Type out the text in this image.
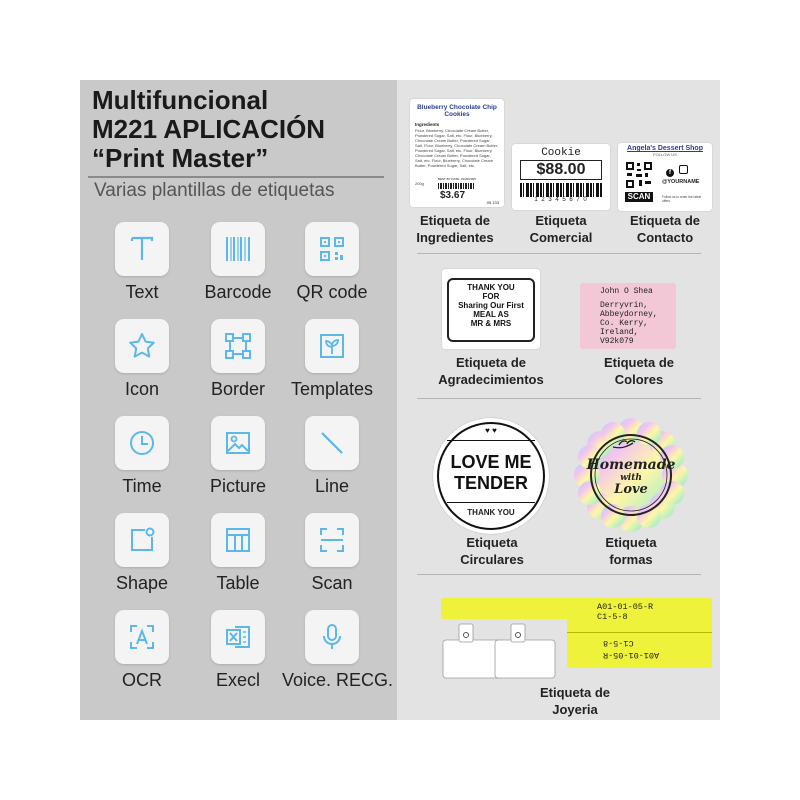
Multifuncional
M221 APLICACIÓN
“Print Master”
Varias plantillas de etiquetas
Text	Barcode	QR code
Icon	Border	Templates
Time	Picture	Line
Shape	Table	Scan
OCR	Execl	Voice. RECG.
Blueberry Chocolate Chip Cookies
Ingredients
Flour, Blueberry, Chocolate Cream Butter, Powdered Sugar, Salt, etc. Flour, Blueberry, Chocolate Cream Butter, Powdered Sugar, Salt, Flour, Blueberry, Chocolate Cream Butter, Powdered Sugar, Salt, etc. Flour, Blueberry, Chocolate Cream Butter, Powdered Sugar, Salt, etc. Flour, Blueberry, Chocolate Cream Butter, Powdered Sugar, Salt, etc.
200g
BEST BY DATE: 01/20/2025
$3.67
05 133
Etiqueta de
Ingredientes
Cookie
$88.00
1 2 3 4 5 6 7 0
Etiqueta
Comercial
Angela's Dessert Shop
FOLLOW US
SCAN
f
@YOURNAME
Follow us to order the latest offers
Etiqueta de
Contacto
THANK YOU
FOR
Sharing Our First
MEAL AS
MR & MRS
Etiqueta de
Agradecimientos
John O Shea
Derryvrin,
Abbeydorney,
Co. Kerry,
Ireland,
V92k079
Etiqueta de
Colores
♥ ♥
LOVE ME
TENDER
THANK YOU
Etiqueta
Circulares
Homemade
with
Love
Etiqueta
formas
A01-01-05-R
C1-5-8
C1-5-8
A01-01-05-R
Etiqueta de
Joyeria
